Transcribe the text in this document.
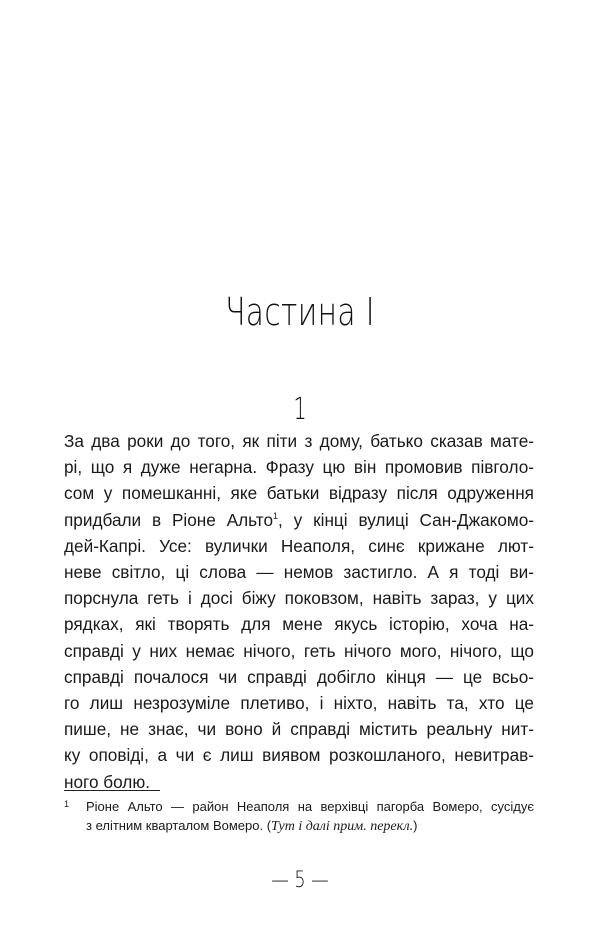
Частина I
1
За два роки до того, як піти з дому, батько сказав мате-
рі, що я дуже негарна. Фразу цю він промовив півголо-
сом у помешканні, яке батьки відразу після одруження
придбали в Ріоне Альто$^1$, у кінці вулиці Сан-Джакомо-
дей-Капрі. Усе: вулички Неаполя, синє крижане лют-
неве світло, ці слова — немов застигло. А я тоді ви-
порснула геть і досі біжу поковзом, навіть зараз, у цих
рядках, які творять для мене якусь історію, хоча на-
справді у них немає нічого, геть нічого мого, нічого, що
справді почалося чи справді добігло кінця — це всьо-
го лиш незрозуміле плетиво, і ніхто, навіть та, хто це
пише, не знає, чи воно й справді містить реальну нит-
ку оповіді, а чи є лиш виявом розкошланого, невитрав-
ного болю.
1	Ріоне Альто — район Неаполя на верхівці пагорба Вомеро, сусідує
з елітним кварталом Вомеро. (Тут і далі прим. перекл.)
— 5 —
